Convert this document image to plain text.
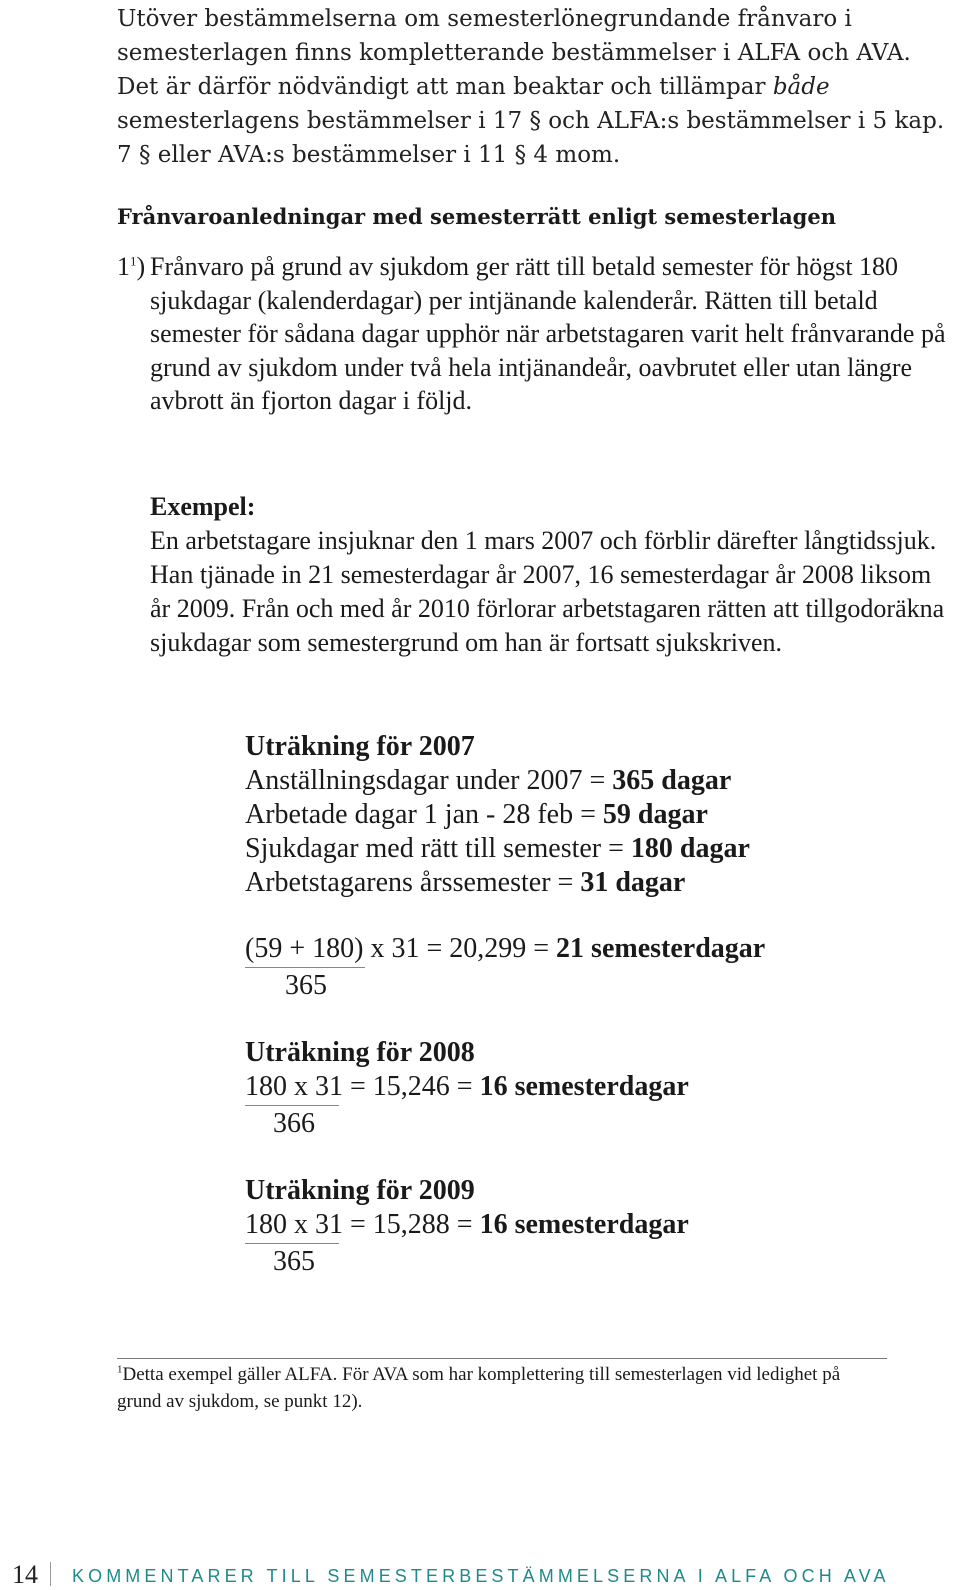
Utöver bestämmelserna om semesterlönegrundande frånvaro i semesterlagen finns kompletterande bestämmelser i ALFA och AVA. Det är därför nödvändigt att man beaktar och tillämpar både semesterlagens bestämmelser i 17 § och ALFA:s bestämmelser i 5 kap. 7 § eller AVA:s bestämmelser i 11 § 4 mom.

Frånvaroanledningar med semesterrätt enligt semesterlagen
$1^1$) Frånvaro på grund av sjukdom ger rätt till betald semester för högst 180 sjukdagar (kalenderdagar) per intjänande kalenderår. Rätten till betald semester för sådana dagar upphör när arbetstagaren varit helt frånvarande på grund av sjukdom under två hela intjänandeår, oavbrutet eller utan längre avbrott än fjorton dagar i följd.
Exempel:
En arbetstagare insjuknar den 1 mars 2007 och förblir därefter långtidssjuk. Han tjänade in 21 semesterdagar år 2007, 16 semesterdagar år 2008 liksom år 2009. Från och med år 2010 förlorar arbetstagaren rätten att tillgodoräkna sjukdagar som semestergrund om han är fortsatt sjukskriven.
Uträkning för 2007
Anställningsdagar under 2007 = 365 dagar
Arbetade dagar 1 jan - 28 feb = 59 dagar
Sjukdagar med rätt till semester = 180 dagar
Arbetstagarens årssemester = 31 dagar
(59 + 180)
365
x 31 = 20,299 = 21 semesterdagar
Uträkning för 2008
180 x 31
366
= 15,246 = 16 semesterdagar
Uträkning för 2009
180 x 31
365
= 15,288 = 16 semesterdagar
$^1$Detta exempel gäller ALFA. För AVA som har komplettering till semesterlagen vid ledighet på grund av sjukdom, se punkt 12).
14 KOMMENTARER TILL SEMESTERBESTÄMMELSERNA I ALFA OCH AVA
